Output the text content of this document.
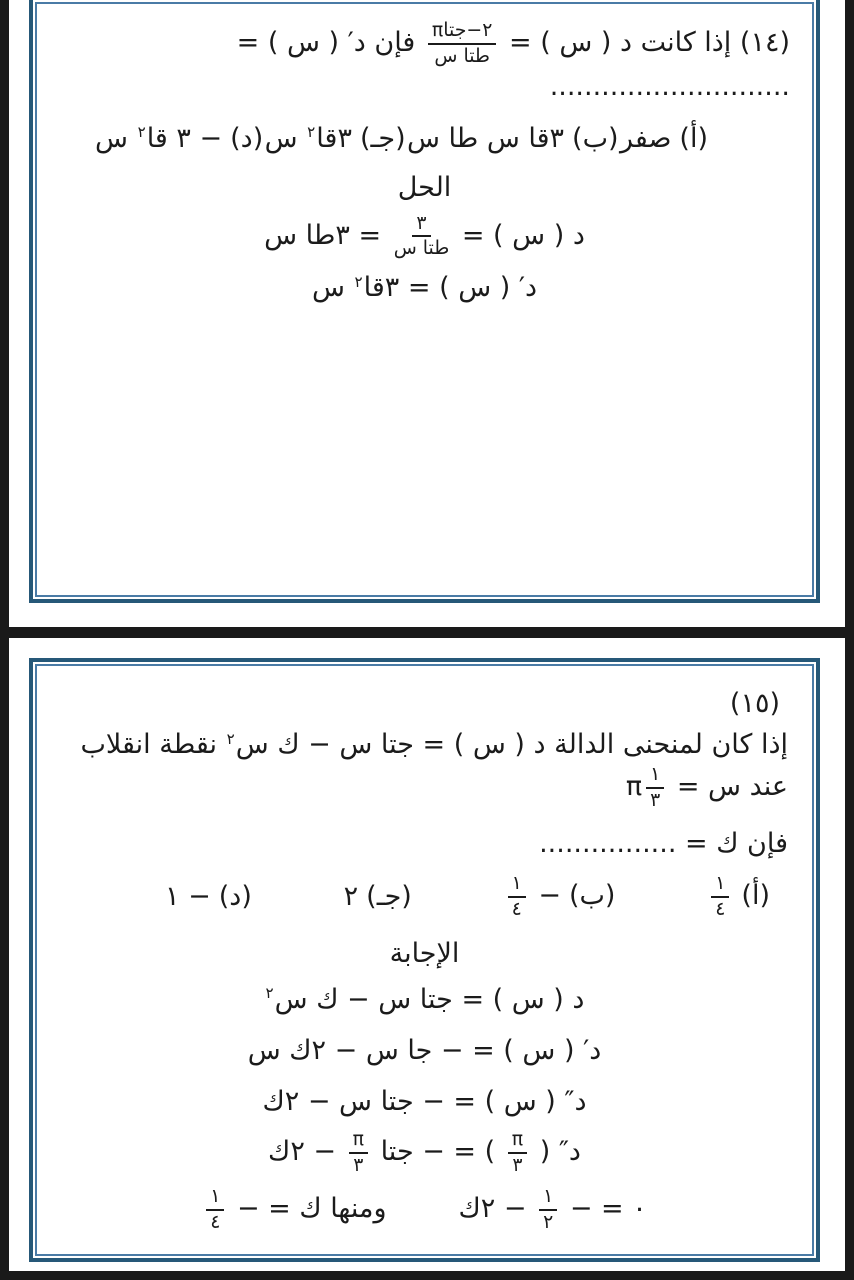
(١٤) إذا كانت د ( س ) =
$\frac{\text{٢−جتاπ}}{\text{طتا س}}$
فإن د′ ( س ) = ............................
(أ)صفر
(ب)٣قا س طا س
(جـ)٣قا$^٢$ س
(د)− ٣ قا$^٢$ س
الحل
د ( س ) =
$\frac{٣}{\text{طتا س}}$
= ٣طا س
د′ ( س ) = ٣قا$^٢$ س
(١٥)
إذا كان لمنحنى الدالة د ( س ) = جتا س − ك س$^٢$ نقطة انقلاب عند س =
$\frac{١}{٣}$
π
فإن ك = ................
(أ)
$\frac{١}{٤}$
(ب)−
$\frac{١}{٤}$
(جـ)٢
(د)− ١
الإجابة
د ( س ) = جتا س − ك س$^٢$
د′ ( س ) = − جا س − ٢ك س
د″ ( س ) = − جتا س − ٢ك
د″ (
$\frac{\pi}{٣}$
) = − جتا
$\frac{\pi}{٣}$
− ٢ك
٠ = −
$\frac{١}{٢}$
− ٢كومنها ك = −
$\frac{١}{٤}$
